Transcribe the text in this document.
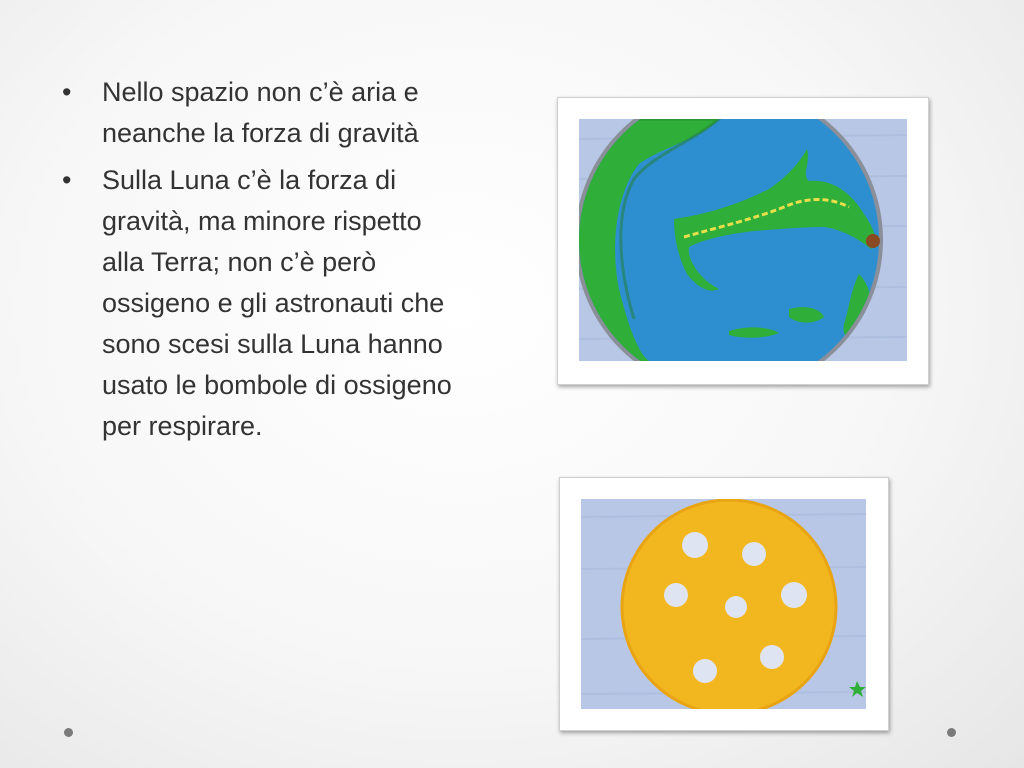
•	Nello spazio non c’è aria e neanche la forza di gravità
•	Sulla Luna c’è la forza di gravità, ma minore rispetto alla Terra; non c’è però ossigeno e gli astronauti che sono scesi sulla Luna hanno usato le bombole di ossigeno per respirare.
